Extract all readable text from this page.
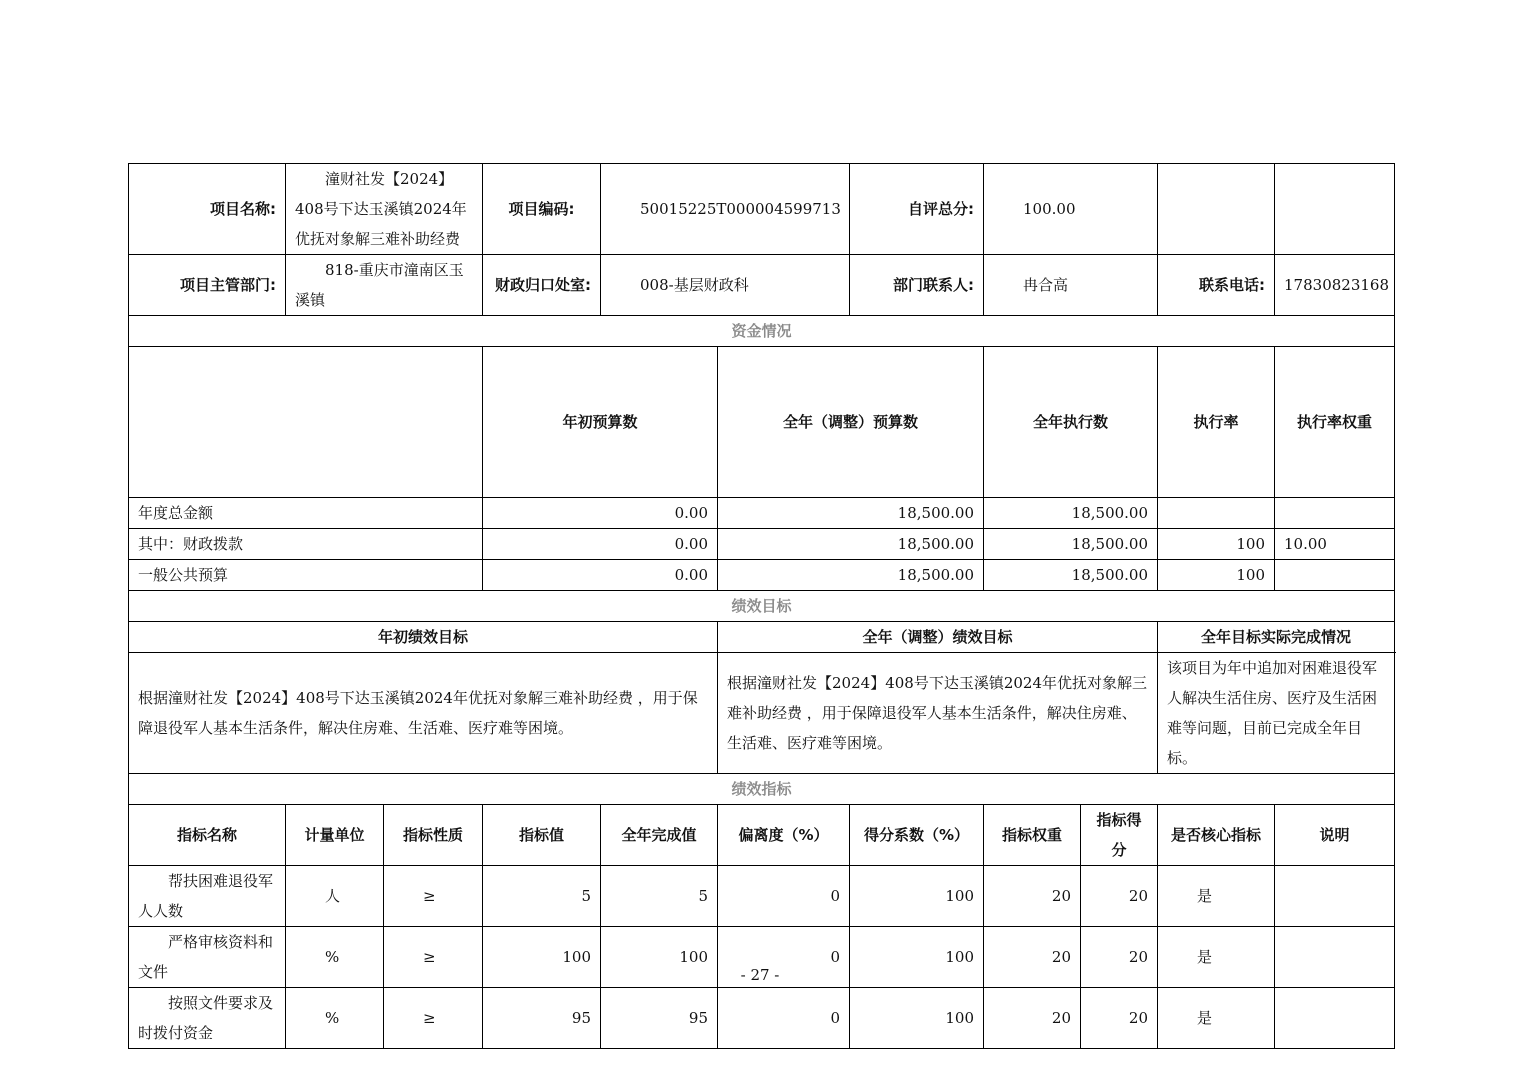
项目名称:	潼财社发【2024】408号下达玉溪镇2024年优抚对象解三难补助经费		项目编码:	50015225T000004599713		自评总分:	100.00				
项目主管部门:	818-重庆市潼南区玉溪镇		财政归口处室:	008-基层财政科		部门联系人:	冉合高		联系电话:	17830823168	
资金情况											
			年初预算数		全年（调整）预算数		全年执行数		执行率	执行率权重	
年度总金额			0.00		18,500.00		18,500.00				
其中：财政拨款			0.00		18,500.00		18,500.00		100	10.00	
一般公共预算			0.00		18,500.00		18,500.00		100		
绩效目标											
年初绩效目标					全年（调整）绩效目标				全年目标实际完成情况		
根据潼财社发【2024】408号下达玉溪镇2024年优抚对象解三难补助经费 ，用于保障退役军人基本生活条件，解决住房难、生活难、医疗难等困境。					根据潼财社发【2024】408号下达玉溪镇2024年优抚对象解三难补助经费 ，用于保障退役军人基本生活条件，解决住房难、生活难、医疗难等困境。				该项目为年中追加对困难退役军人解决生活住房、医疗及生活困难等问题，目前已完成全年目标。		
绩效指标											
指标名称	计量单位	指标性质	指标值	全年完成值	偏离度（%）	得分系数（%）	指标权重	指标得分	是否核心指标	说明	
帮扶困难退役军人人数	人	≥	5	5	0	100	20	20	是		
严格审核资料和文件	%	≥	100	100	0	100	20	20	是		
按照文件要求及时拨付资金	%	≥	95	95	0	100	20	20	是		
- 27 -
